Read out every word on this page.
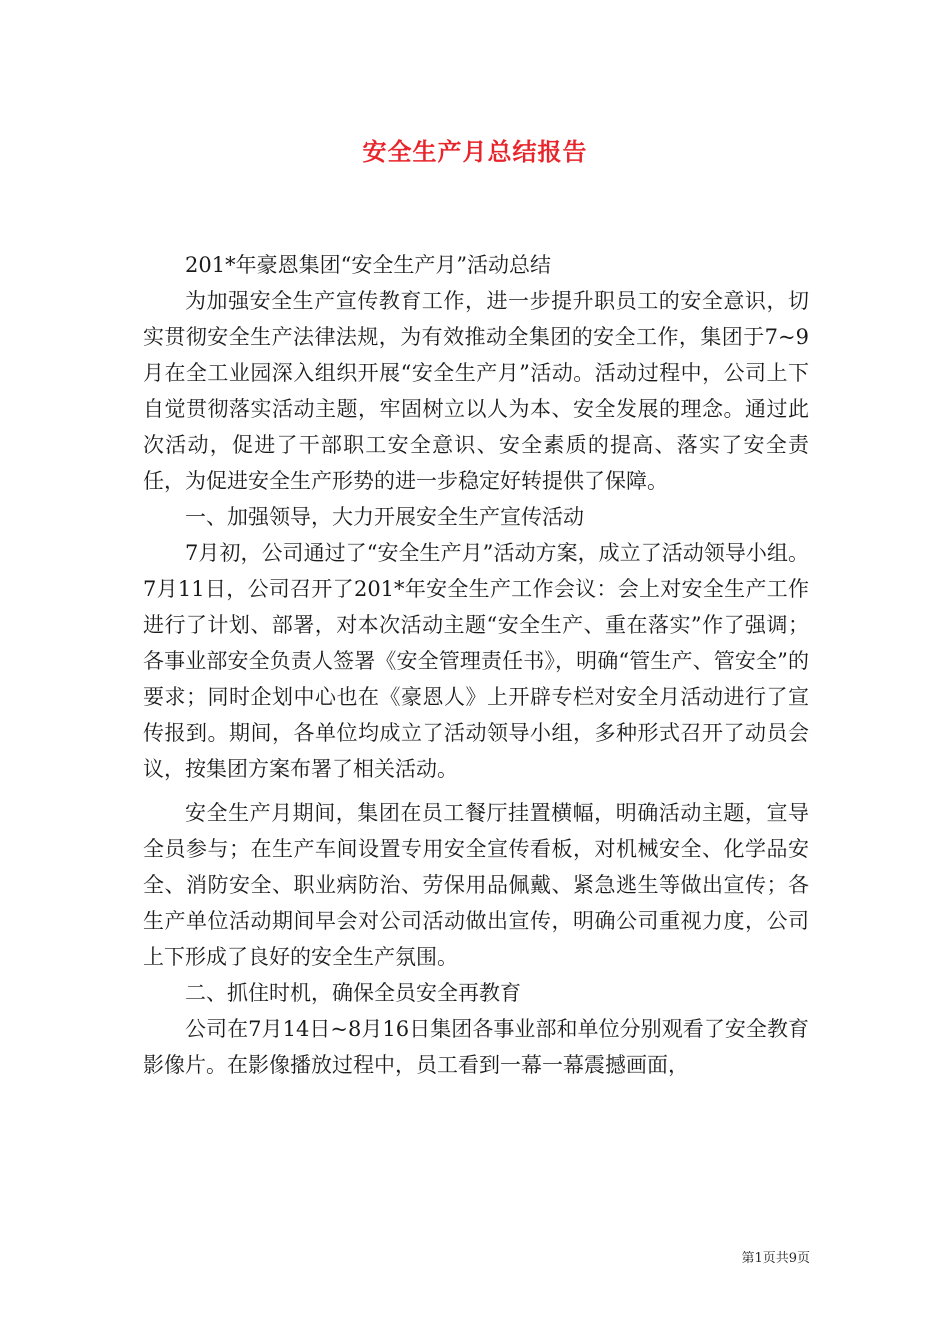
安全生产月总结报告

201*年豪恩集团“安全生产月”活动总结

为加强安全生产宣传教育工作，进一步提升职员工的安全意识，切实贯彻安全生产法律法规，为有效推动全集团的安全工作，集团于7~9月在全工业园深入组织开展“安全生产月”活动。活动过程中，公司上下自觉贯彻落实活动主题，牢固树立以人为本、安全发展的理念。通过此次活动，促进了干部职工安全意识、安全素质的提高、落实了安全责任，为促进安全生产形势的进一步稳定好转提供了保障。

一、加强领导，大力开展安全生产宣传活动

7月初，公司通过了“安全生产月”活动方案，成立了活动领导小组。7月11日，公司召开了201*年安全生产工作会议：会上对安全生产工作进行了计划、部署，对本次活动主题“安全生产、重在落实”作了强调；各事业部安全负责人签署《安全管理责任书》，明确“管生产、管安全”的要求；同时企划中心也在《豪恩人》上开辟专栏对安全月活动进行了宣传报到。期间，各单位均成立了活动领导小组，多种形式召开了动员会议，按集团方案布署了相关活动。

安全生产月期间，集团在员工餐厅挂置横幅，明确活动主题，宣导全员参与；在生产车间设置专用安全宣传看板，对机械安全、化学品安全、消防安全、职业病防治、劳保用品佩戴、紧急逃生等做出宣传；各生产单位活动期间早会对公司活动做出宣传，明确公司重视力度，公司上下形成了良好的安全生产氛围。

二、抓住时机，确保全员安全再教育

公司在7月14日~8月16日集团各事业部和单位分别观看了安全教育影像片。在影像播放过程中，员工看到一幕一幕震撼画面，

第1页共9页
